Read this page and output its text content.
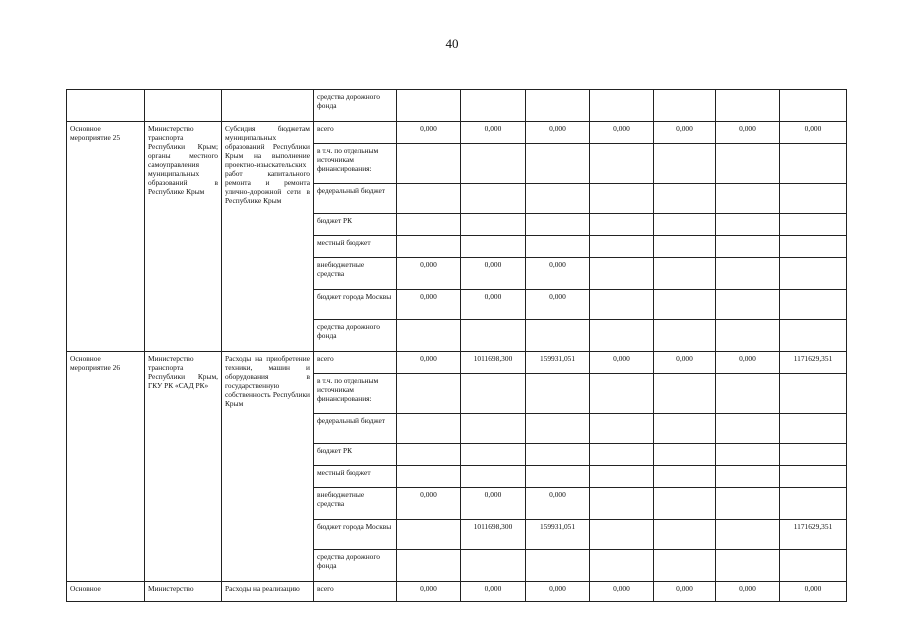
40
			средства дорожного фонда							
Основное мероприятие 25	Министерство транспорта Республики Крым; органы местного самоуправления муниципальных образований в Республике Крым	Субсидия бюджетам муниципальных образований Республики Крым на выполнение проектно-изыскательских работ капитального ремонта и ремонта улично-дорожной сети в Республике Крым	всего	0,000	0,000	0,000	0,000	0,000	0,000	0,000
			в т.ч. по отдельным источникам финансирования:							
			федеральный бюджет							
			бюджет РК							
			местный бюджет							
			внебюджетные средства	0,000	0,000	0,000				
			бюджет города Москвы	0,000	0,000	0,000				
			средства дорожного фонда							
Основное мероприятие 26	Министерство транспорта Республики Крым, ГКУ РК «САД РК»	Расходы на приобретение техники, машин и оборудования в государственную собственность Республики Крым	всего	0,000	1011698,300	159931,051	0,000	0,000	0,000	1171629,351
			в т.ч. по отдельным источникам финансирования:							
			федеральный бюджет							
			бюджет РК							
			местный бюджет							
			внебюджетные средства	0,000	0,000	0,000				
			бюджет города Москвы		1011698,300	159931,051				1171629,351
			средства дорожного фонда							
Основное	Министерство	Расходы на реализацию	всего	0,000	0,000	0,000	0,000	0,000	0,000	0,000
